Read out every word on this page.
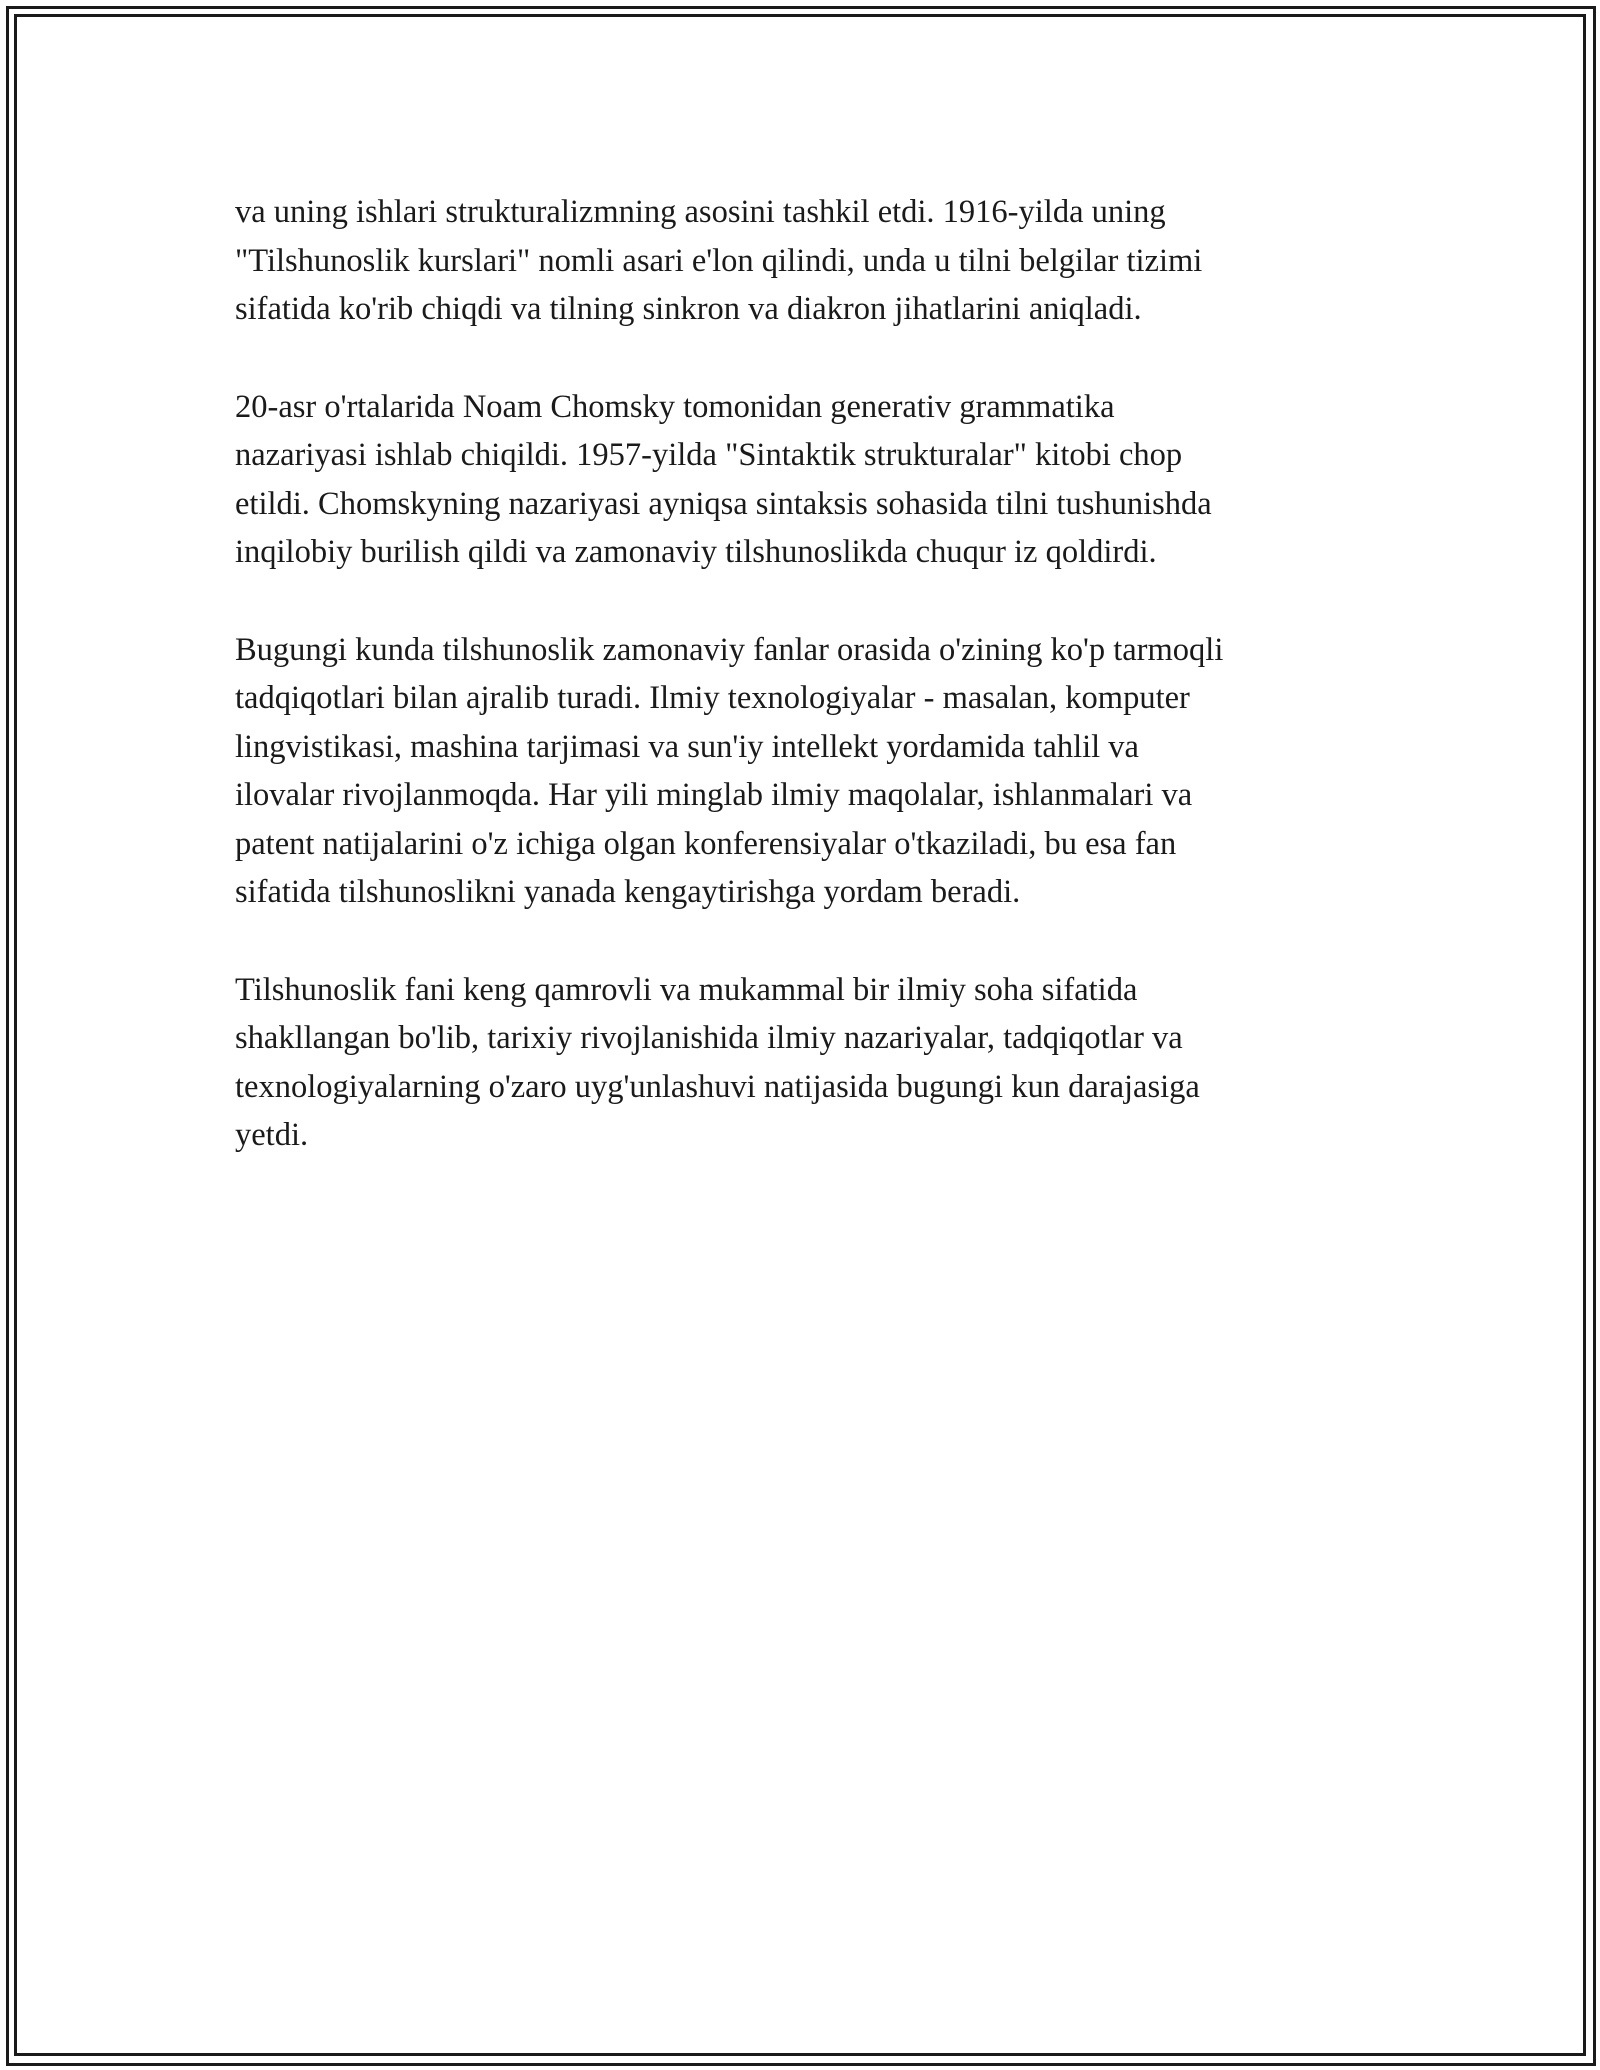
va uning ishlari strukturalizmning asosini tashkil etdi. 1916-yilda uning
"Tilshunoslik kurslari" nomli asari e'lon qilindi, unda u tilni belgilar tizimi
sifatida ko'rib chiqdi va tilning sinkron va diakron jihatlarini aniqladi.

20-asr o'rtalarida Noam Chomsky tomonidan generativ grammatika
nazariyasi ishlab chiqildi. 1957-yilda "Sintaktik strukturalar" kitobi chop
etildi. Chomskyning nazariyasi ayniqsa sintaksis sohasida tilni tushunishda
inqilobiy burilish qildi va zamonaviy tilshunoslikda chuqur iz qoldirdi.

Bugungi kunda tilshunoslik zamonaviy fanlar orasida o'zining ko'p tarmoqli
tadqiqotlari bilan ajralib turadi. Ilmiy texnologiyalar - masalan, komputer
lingvistikasi, mashina tarjimasi va sun'iy intellekt yordamida tahlil va
ilovalar rivojlanmoqda. Har yili minglab ilmiy maqolalar, ishlanmalari va
patent natijalarini o'z ichiga olgan konferensiyalar o'tkaziladi, bu esa fan
sifatida tilshunoslikni yanada kengaytirishga yordam beradi.

Tilshunoslik fani keng qamrovli va mukammal bir ilmiy soha sifatida
shakllangan bo'lib, tarixiy rivojlanishida ilmiy nazariyalar, tadqiqotlar va
texnologiyalarning o'zaro uyg'unlashuvi natijasida bugungi kun darajasiga
yetdi.
